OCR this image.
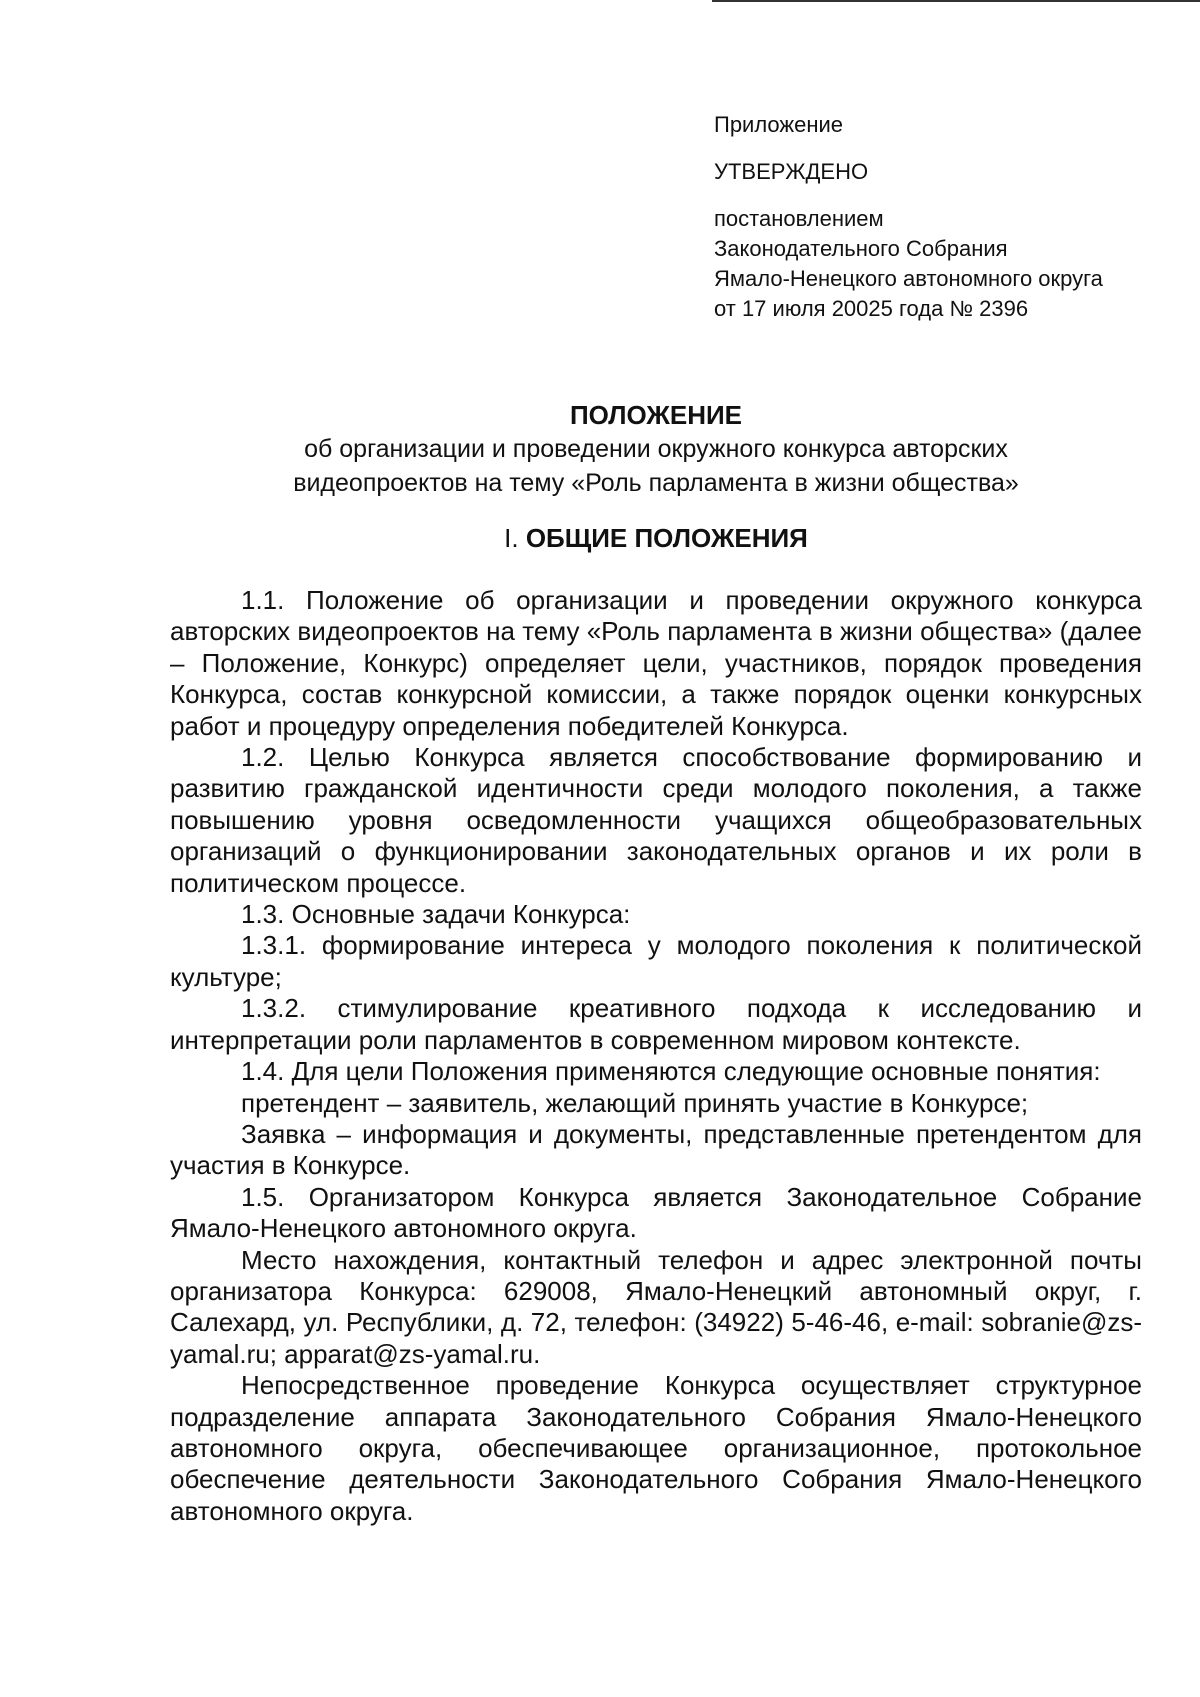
Приложение

УТВЕРЖДЕНО

постановлением

Законодательного Собрания

Ямало-Ненецкого автономного округа

от 17 июля 20025 года № 2396

ПОЛОЖЕНИЕ

об организации и проведении окружного конкурса авторских

видеопроектов на тему «Роль парламента в жизни общества»

I. ОБЩИЕ ПОЛОЖЕНИЯ

1.1. Положение об организации и проведении окружного конкурса авторских видеопроектов на тему «Роль парламента в жизни общества» (далее – Положение, Конкурс) определяет цели, участников, порядок проведения Конкурса, состав конкурсной комиссии, а также порядок оценки конкурсных работ и процедуру определения победителей Конкурса.

1.2. Целью Конкурса является способствование формированию и развитию гражданской идентичности среди молодого поколения, а также повышению уровня осведомленности учащихся общеобразовательных организаций о функционировании законодательных органов и их роли в политическом процессе.

1.3. Основные задачи Конкурса:

1.3.1. формирование интереса у молодого поколения к политической культуре;

1.3.2. стимулирование креативного подхода к исследованию и интерпретации роли парламентов в современном мировом контексте.

1.4. Для цели Положения применяются следующие основные понятия:

претендент – заявитель, желающий принять участие в Конкурсе;

Заявка – информация и документы, представленные претендентом для участия в Конкурсе.

1.5. Организатором Конкурса является Законодательное Собрание Ямало-Ненецкого автономного округа.

Место нахождения, контактный телефон и адрес электронной почты организатора Конкурса: 629008, Ямало-Ненецкий автономный округ, г. Салехард, ул. Республики, д. 72, телефон: (34922) 5-46-46, e-mail: sobranie@zs-yamal.ru; apparat@zs-yamal.ru.

Непосредственное проведение Конкурса осуществляет структурное подразделение аппарата Законодательного Собрания Ямало-Ненецкого автономного округа, обеспечивающее организационное, протокольное обеспечение деятельности Законодательного Собрания Ямало-Ненецкого автономного округа.
